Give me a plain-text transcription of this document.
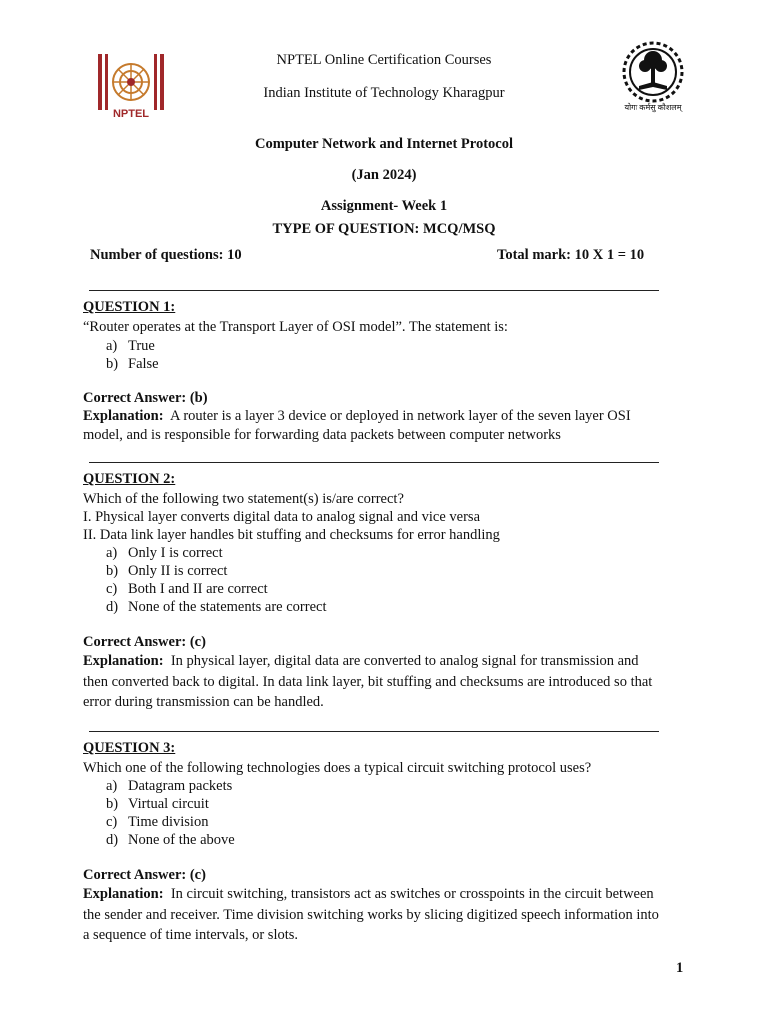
NPTEL
योगः कर्मसु कौशलम्
NPTEL Online Certification Courses
Indian Institute of Technology Kharagpur
Computer Network and Internet Protocol
(Jan 2024)
Assignment- Week 1
TYPE OF QUESTION: MCQ/MSQ
Number of questions: 10	Total mark: 10 X 1 = 10
QUESTION 1:
“Router operates at the Transport Layer of OSI model”. The statement is:
a) True
b) False
Correct Answer: (b)
Explanation: A router is a layer 3 device or deployed in network layer of the seven layer OSI model, and is responsible for forwarding data packets between computer networks
QUESTION 2:
Which of the following two statement(s) is/are correct?
I. Physical layer converts digital data to analog signal and vice versa
II. Data link layer handles bit stuffing and checksums for error handling
a) Only I is correct
b) Only II is correct
c) Both I and II are correct
d) None of the statements are correct
Correct Answer: (c)
Explanation: In physical layer, digital data are converted to analog signal for transmission and then converted back to digital. In data link layer, bit stuffing and checksums are introduced so that error during transmission can be handled.
QUESTION 3:
Which one of the following technologies does a typical circuit switching protocol uses?
a) Datagram packets
b) Virtual circuit
c) Time division
d) None of the above
Correct Answer: (c)
Explanation: In circuit switching, transistors act as switches or crosspoints in the circuit between the sender and receiver. Time division switching works by slicing digitized speech information into a sequence of time intervals, or slots.
1
